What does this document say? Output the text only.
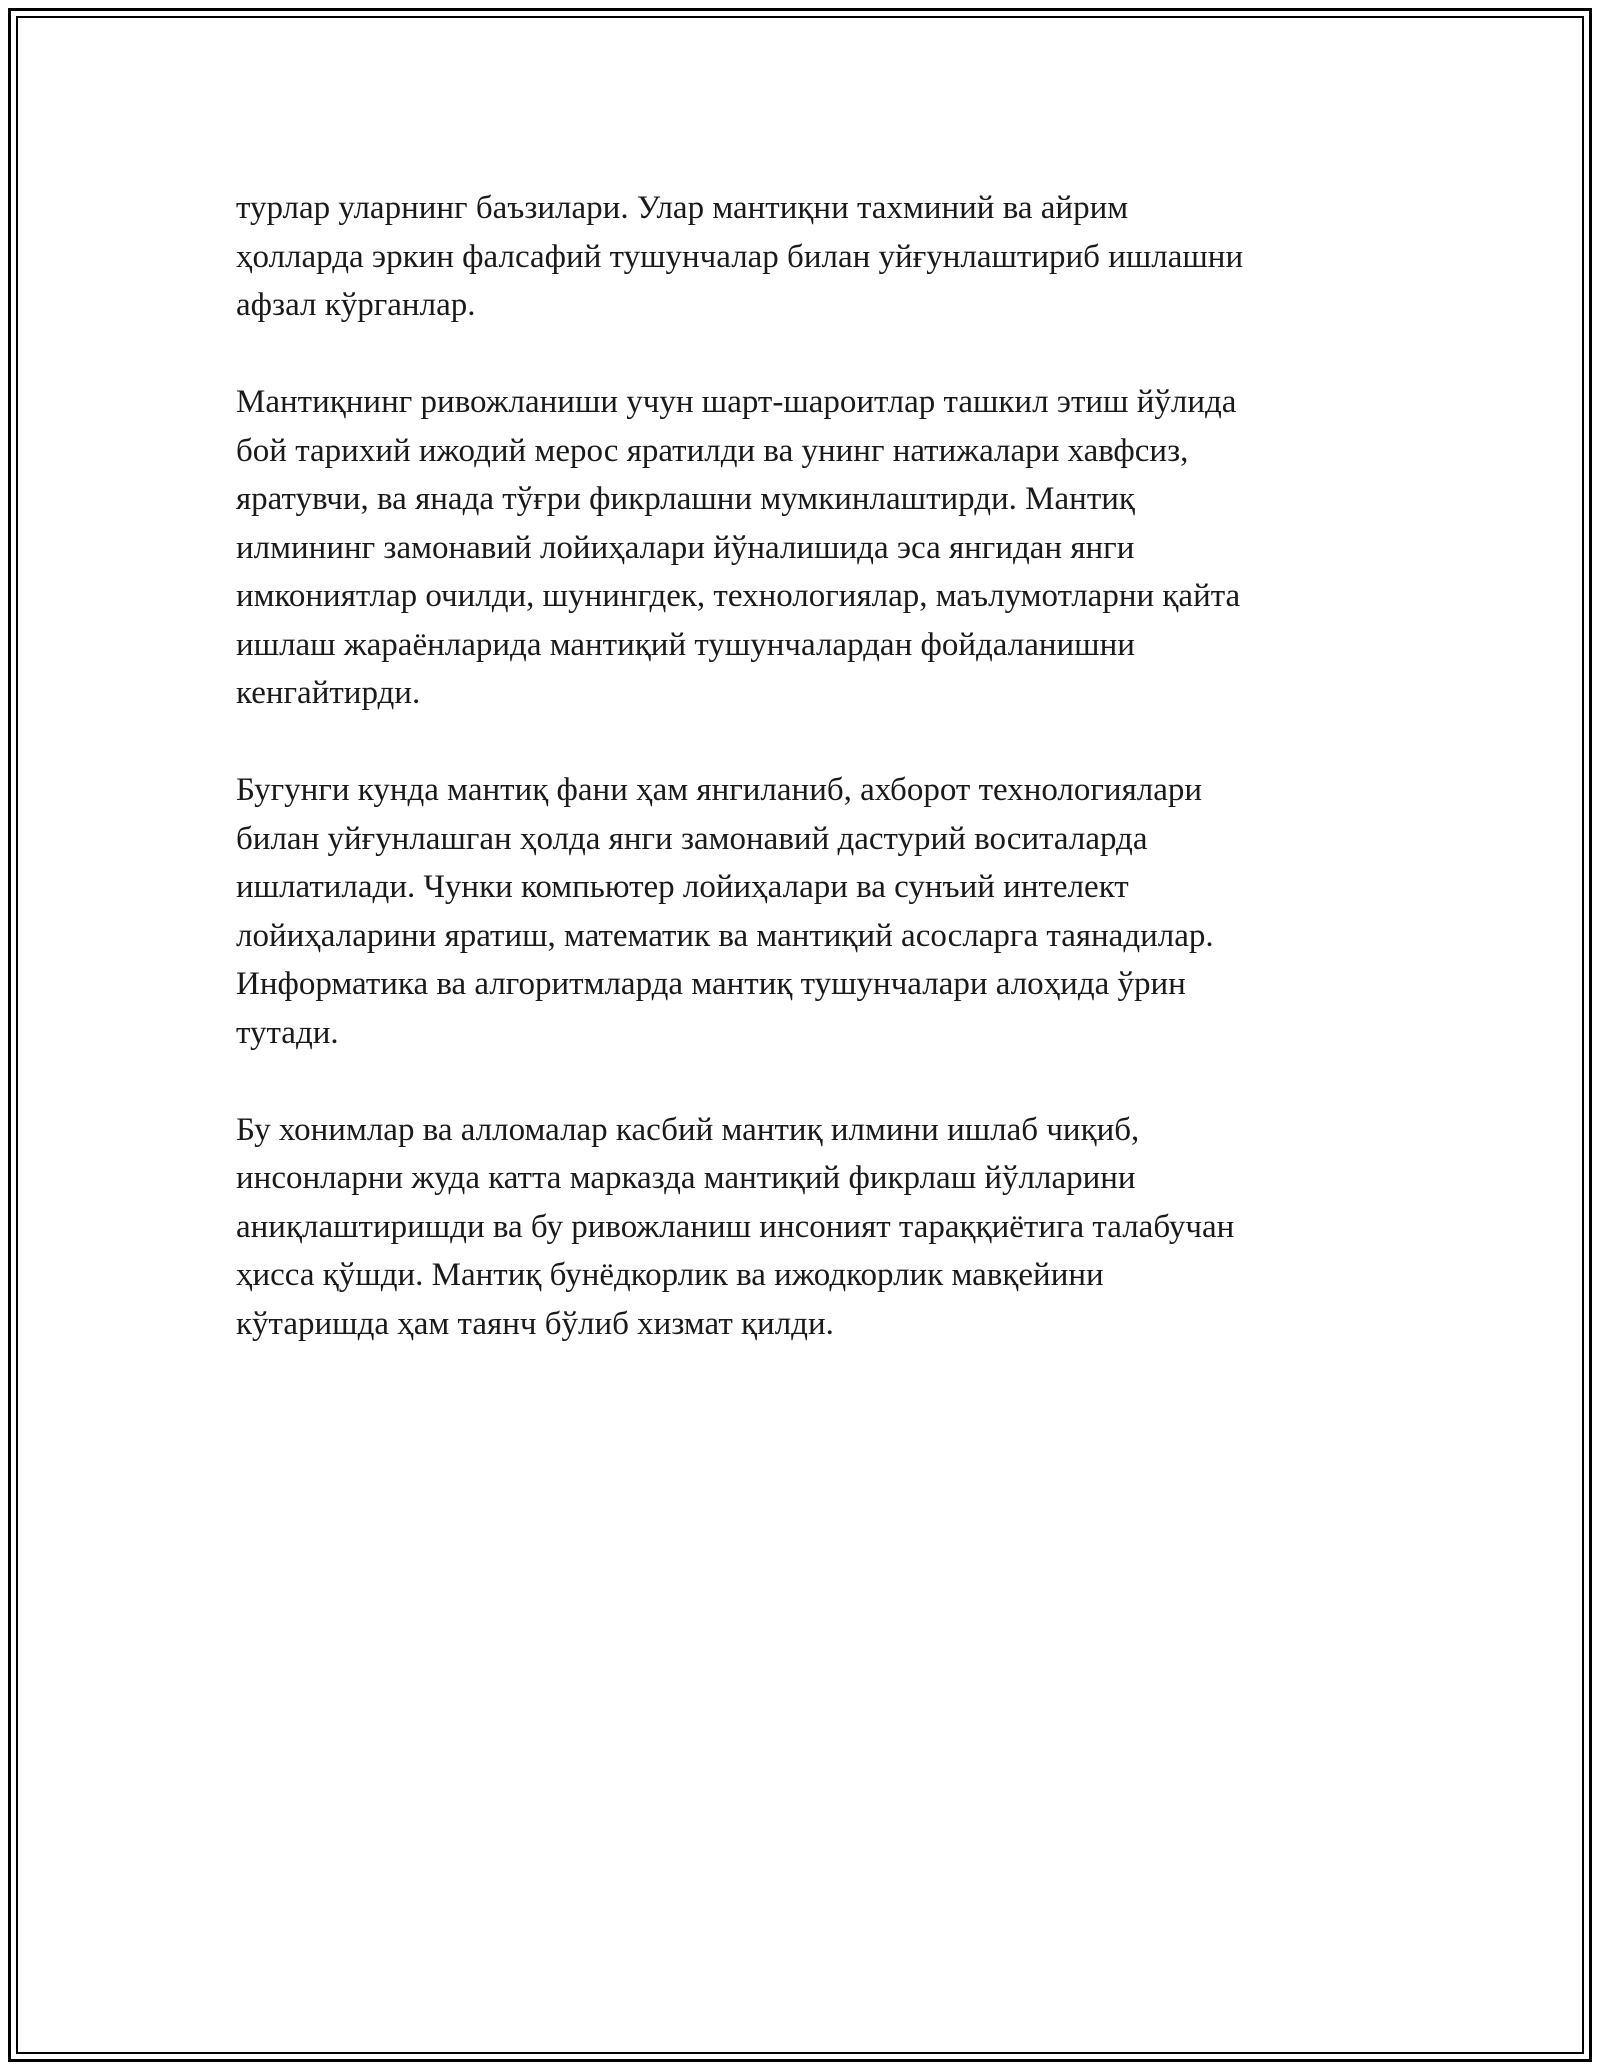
турлар уларнинг баъзилари. Улар мантиқни тахминий ва айрим
ҳолларда эркин фалсафий тушунчалар билан уйғунлаштириб ишлашни
афзал кўрганлар.

Мантиқнинг ривожланиши учун шарт-шароитлар ташкил этиш йўлида
бой тарихий ижодий мерос яратилди ва унинг натижалари хавфсиз,
яратувчи, ва янада тўғри фикрлашни мумкинлаштирди. Мантиқ
илмининг замонавий лойиҳалари йўналишида эса янгидан янги
имкониятлар очилди, шунингдек, технологиялар, маълумотларни қайта
ишлаш жараёнларида мантиқий тушунчалардан фойдаланишни
кенгайтирди.

Бугунги кунда мантиқ фани ҳам янгиланиб, ахборот технологиялари
билан уйғунлашган ҳолда янги замонавий дастурий воситаларда
ишлатилади. Чунки компьютер лойиҳалари ва сунъий интелект
лойиҳаларини яратиш, математик ва мантиқий асосларга таянадилар.
Информатика ва алгоритмларда мантиқ тушунчалари алоҳида ўрин
тутади.

Бу хонимлар ва алломалар касбий мантиқ илмини ишлаб чиқиб,
инсонларни жуда катта марказда мантиқий фикрлаш йўлларини
аниқлаштиришди ва бу ривожланиш инсоният тараққиётига талабучан
ҳисса қўшди. Мантиқ бунёдкорлик ва ижодкорлик мавқейини
кўтаришда ҳам таянч бўлиб хизмат қилди.
